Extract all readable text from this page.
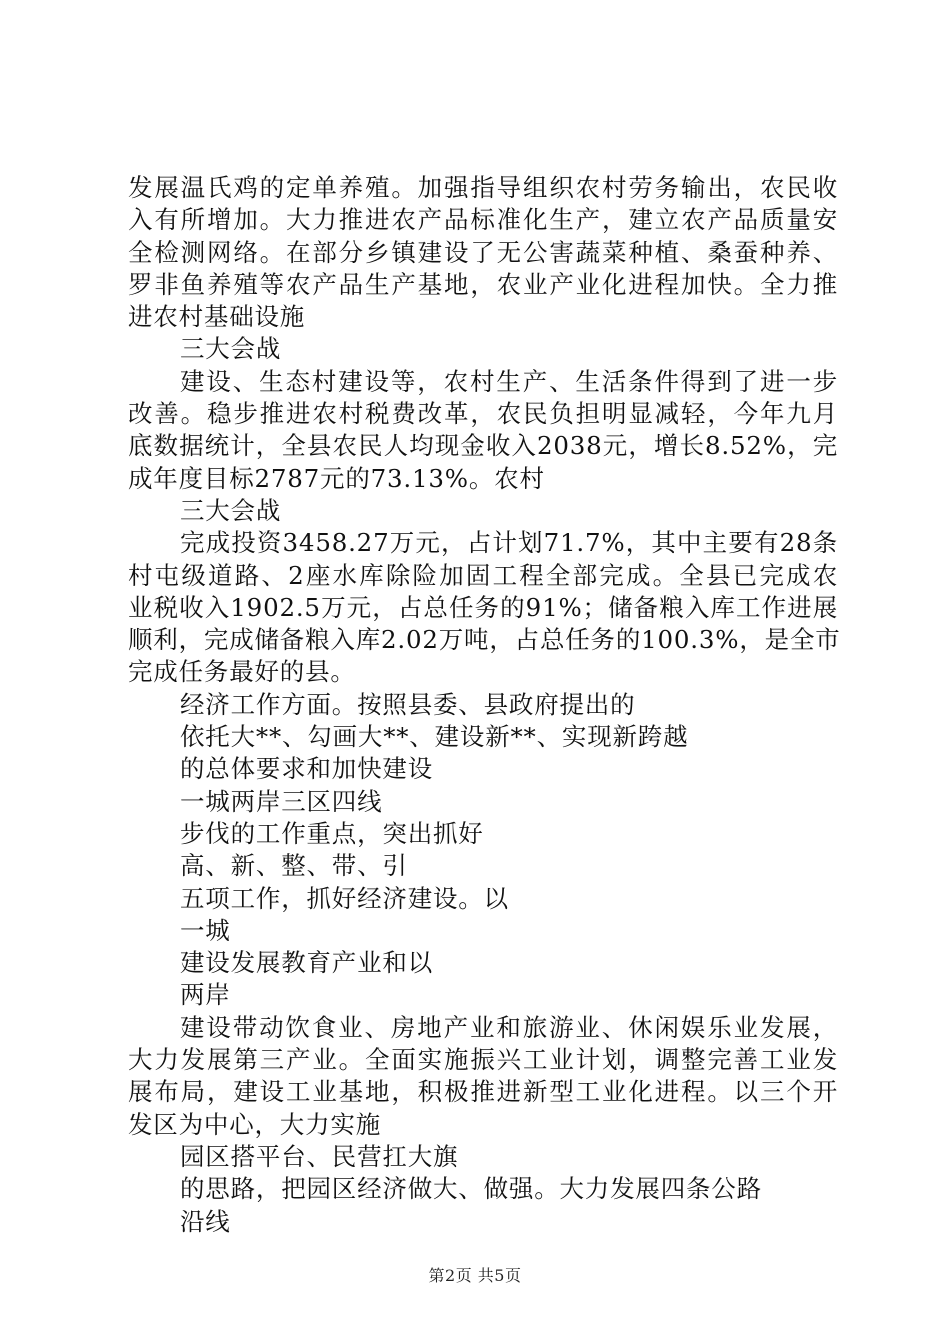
发展温氏鸡的定单养殖。加强指导组织农村劳务输出，农民收
入有所增加。大力推进农产品标准化生产，建立农产品质量安
全检测网络。在部分乡镇建设了无公害蔬菜种植、桑蚕种养、
罗非鱼养殖等农产品生产基地，农业产业化进程加快。全力推
进农村基础设施
三大会战
建设、生态村建设等，农村生产、生活条件得到了进一步
改善。稳步推进农村税费改革，农民负担明显减轻，今年九月
底数据统计，全县农民人均现金收入2038元，增长8.52%，完
成年度目标2787元的73.13%。农村
三大会战
完成投资3458.27万元，占计划71.7%，其中主要有28条
村屯级道路、2座水库除险加固工程全部完成。全县已完成农
业税收入1902.5万元，占总任务的91%；储备粮入库工作进展
顺利，完成储备粮入库2.02万吨，占总任务的100.3%，是全市
完成任务最好的县。
经济工作方面。按照县委、县政府提出的
依托大**、勾画大**、建设新**、实现新跨越
的总体要求和加快建设
一城两岸三区四线
步伐的工作重点，突出抓好
高、新、整、带、引
五项工作，抓好经济建设。以
一城
建设发展教育产业和以
两岸
建设带动饮食业、房地产业和旅游业、休闲娱乐业发展，
大力发展第三产业。全面实施振兴工业计划，调整完善工业发
展布局，建设工业基地，积极推进新型工业化进程。以三个开
发区为中心，大力实施
园区搭平台、民营扛大旗
的思路，把园区经济做大、做强。大力发展四条公路
沿线
第2页 共5页
